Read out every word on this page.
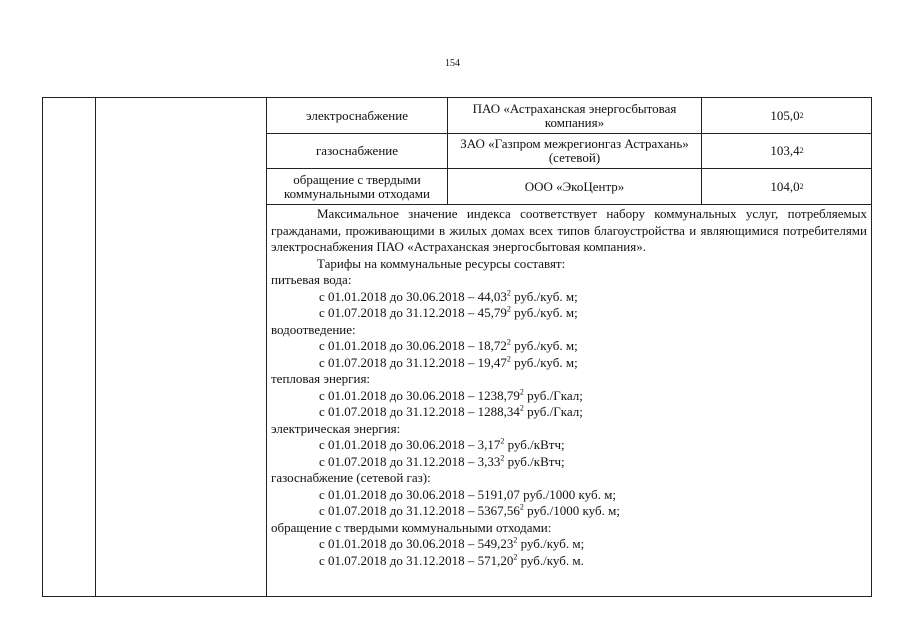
154
электроснабжение	ПАО «Астраханская энергосбытовая компания»	105,0 2
газоснабжение	ЗАО «Газпром межрегионгаз Астрахань» (сетевой)	103,4 2
обращение с твердыми коммунальными отходами	ООО «ЭкоЦентр»	104,0 2

Максимальное значение индекса соответствует набору коммунальных услуг, потребляемых гражданами, проживающими в жилых домах всех типов благоустройства и являющимися потребителями электроснабжения ПАО «Астраханская энергосбытовая компания».

Тарифы на коммунальные ресурсы составят:

питьевая вода:

с 01.01.2018 до 30.06.2018 – 44,03$^2$ руб./куб. м;

с 01.07.2018 до 31.12.2018 – 45,79$^2$ руб./куб. м;

водоотведение:

с 01.01.2018 до 30.06.2018 – 18,72$^2$ руб./куб. м;

с 01.07.2018 до 31.12.2018 – 19,47$^2$ руб./куб. м;

тепловая энергия:

с 01.01.2018 до 30.06.2018 – 1238,79$^2$ руб./Гкал;

с 01.07.2018 до 31.12.2018 – 1288,34$^2$ руб./Гкал;

электрическая энергия:

с 01.01.2018 до 30.06.2018 – 3,17$^2$ руб./кВтч;

с 01.07.2018 до 31.12.2018 – 3,33$^2$ руб./кВтч;

газоснабжение (сетевой газ):

с 01.01.2018 до 30.06.2018 – 5191,07 руб./1000 куб. м;

с 01.07.2018 до 31.12.2018 – 5367,56$^2$ руб./1000 куб. м;

обращение с твердыми коммунальными отходами:

с 01.01.2018 до 30.06.2018 – 549,23$^2$ руб./куб. м;

с 01.07.2018 до 31.12.2018 – 571,20$^2$ руб./куб. м.
